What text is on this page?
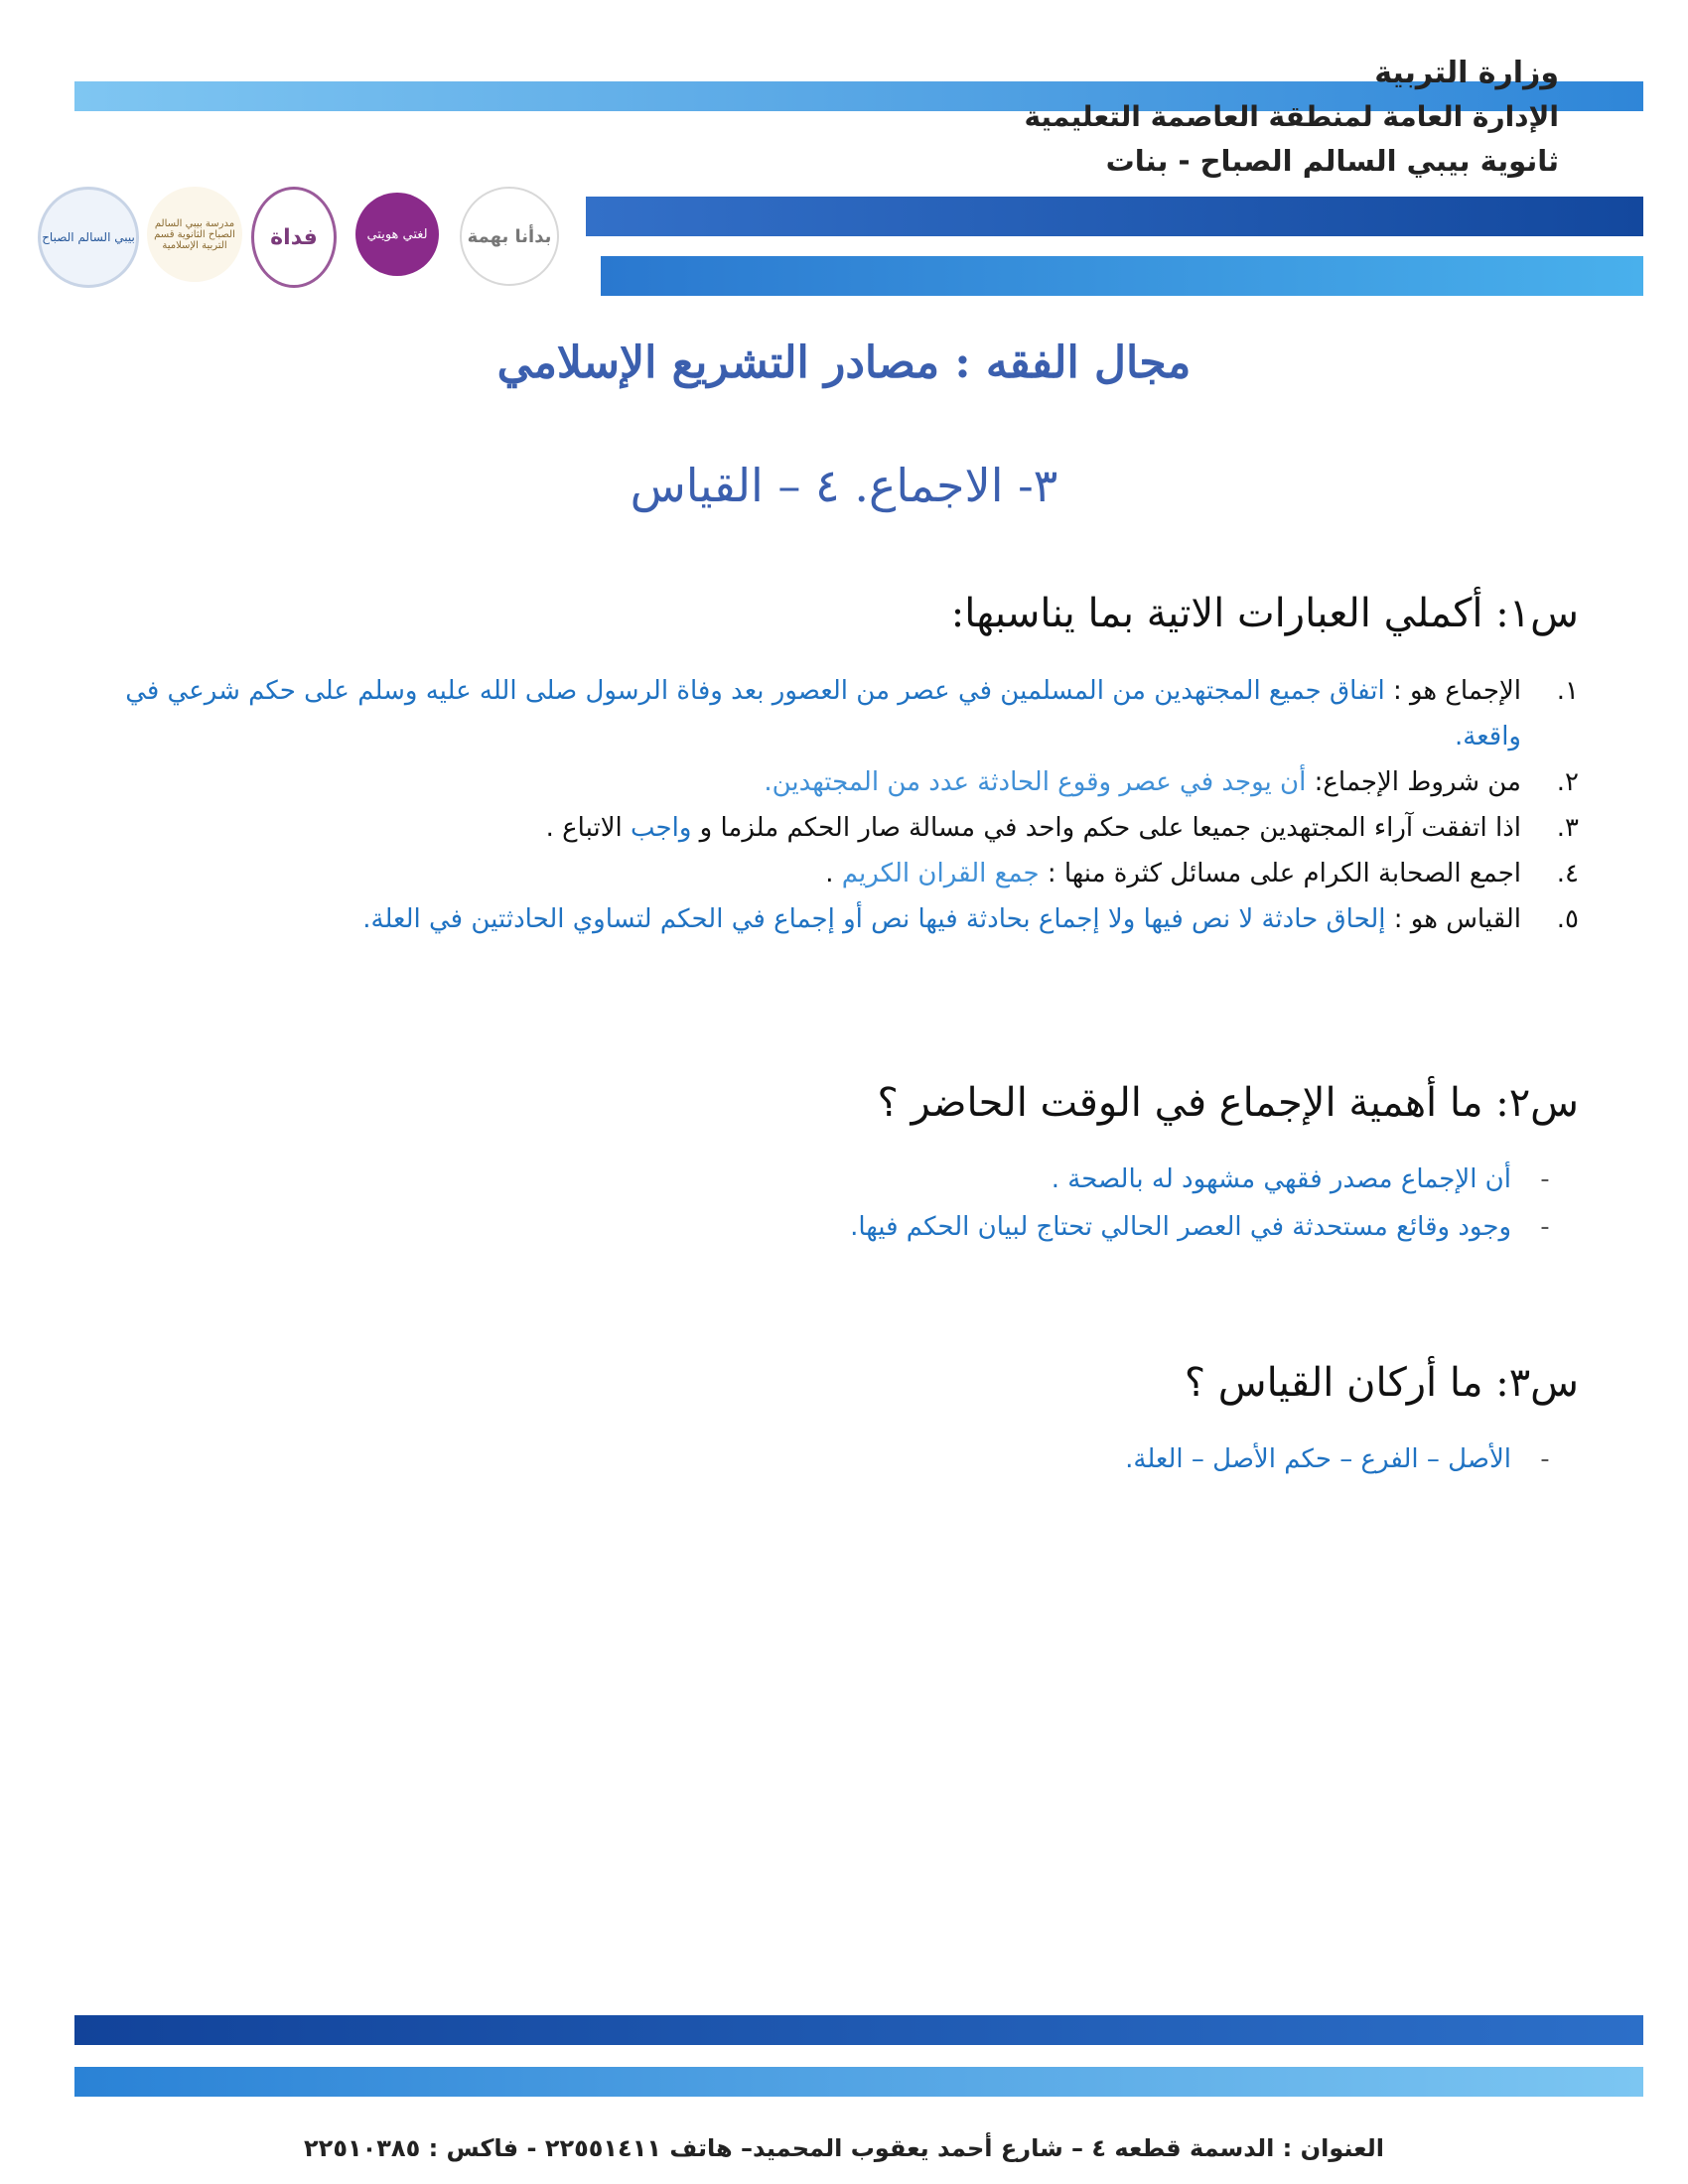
وزارة التربية
الإدارة العامة لمنطقة العاصمة التعليمية
ثانوية بيبي السالم الصباح - بنات
بيبي السالم الصباح
مدرسة بيبي السالم الصباح الثانوية قسم التربية الإسلامية	فداة	لغتي هويتي بدأنا بهمة
مجال الفقه : مصادر التشريع الإسلامي
٣- الاجماع. ٤ – القياس
س١: أكملي العبارات الاتية بما يناسبها:
١.
الإجماع هو : اتفاق جميع المجتهدين من المسلمين في عصر من العصور بعد وفاة الرسول صلى الله عليه وسلم على حكم شرعي في واقعة.
٢.
من شروط الإجماع: أن يوجد في عصر وقوع الحادثة عدد من المجتهدين.
٣.
اذا اتفقت آراء المجتهدين جميعا على حكم واحد في مسالة صار الحكم ملزما و واجب الاتباع .
٤.
اجمع الصحابة الكرام على مسائل كثرة منها : جمع القران الكريم .
٥.
القياس هو : إلحاق حادثة لا نص فيها ولا إجماع بحادثة فيها نص أو إجماع في الحكم لتساوي الحادثتين في العلة.
س٢: ما أهمية الإجماع في الوقت الحاضر ؟
-
أن الإجماع مصدر فقهي مشهود له بالصحة .
-
وجود وقائع مستحدثة في العصر الحالي تحتاج لبيان الحكم فيها.
س٣: ما أركان القياس ؟
-
الأصل – الفرع – حكم الأصل – العلة.
العنوان : الدسمة قطعه ٤ – شارع أحمد يعقوب المحميد– هاتف ٢٢٥٥١٤١١ - فاكس : ٢٢٥١٠٣٨٥
